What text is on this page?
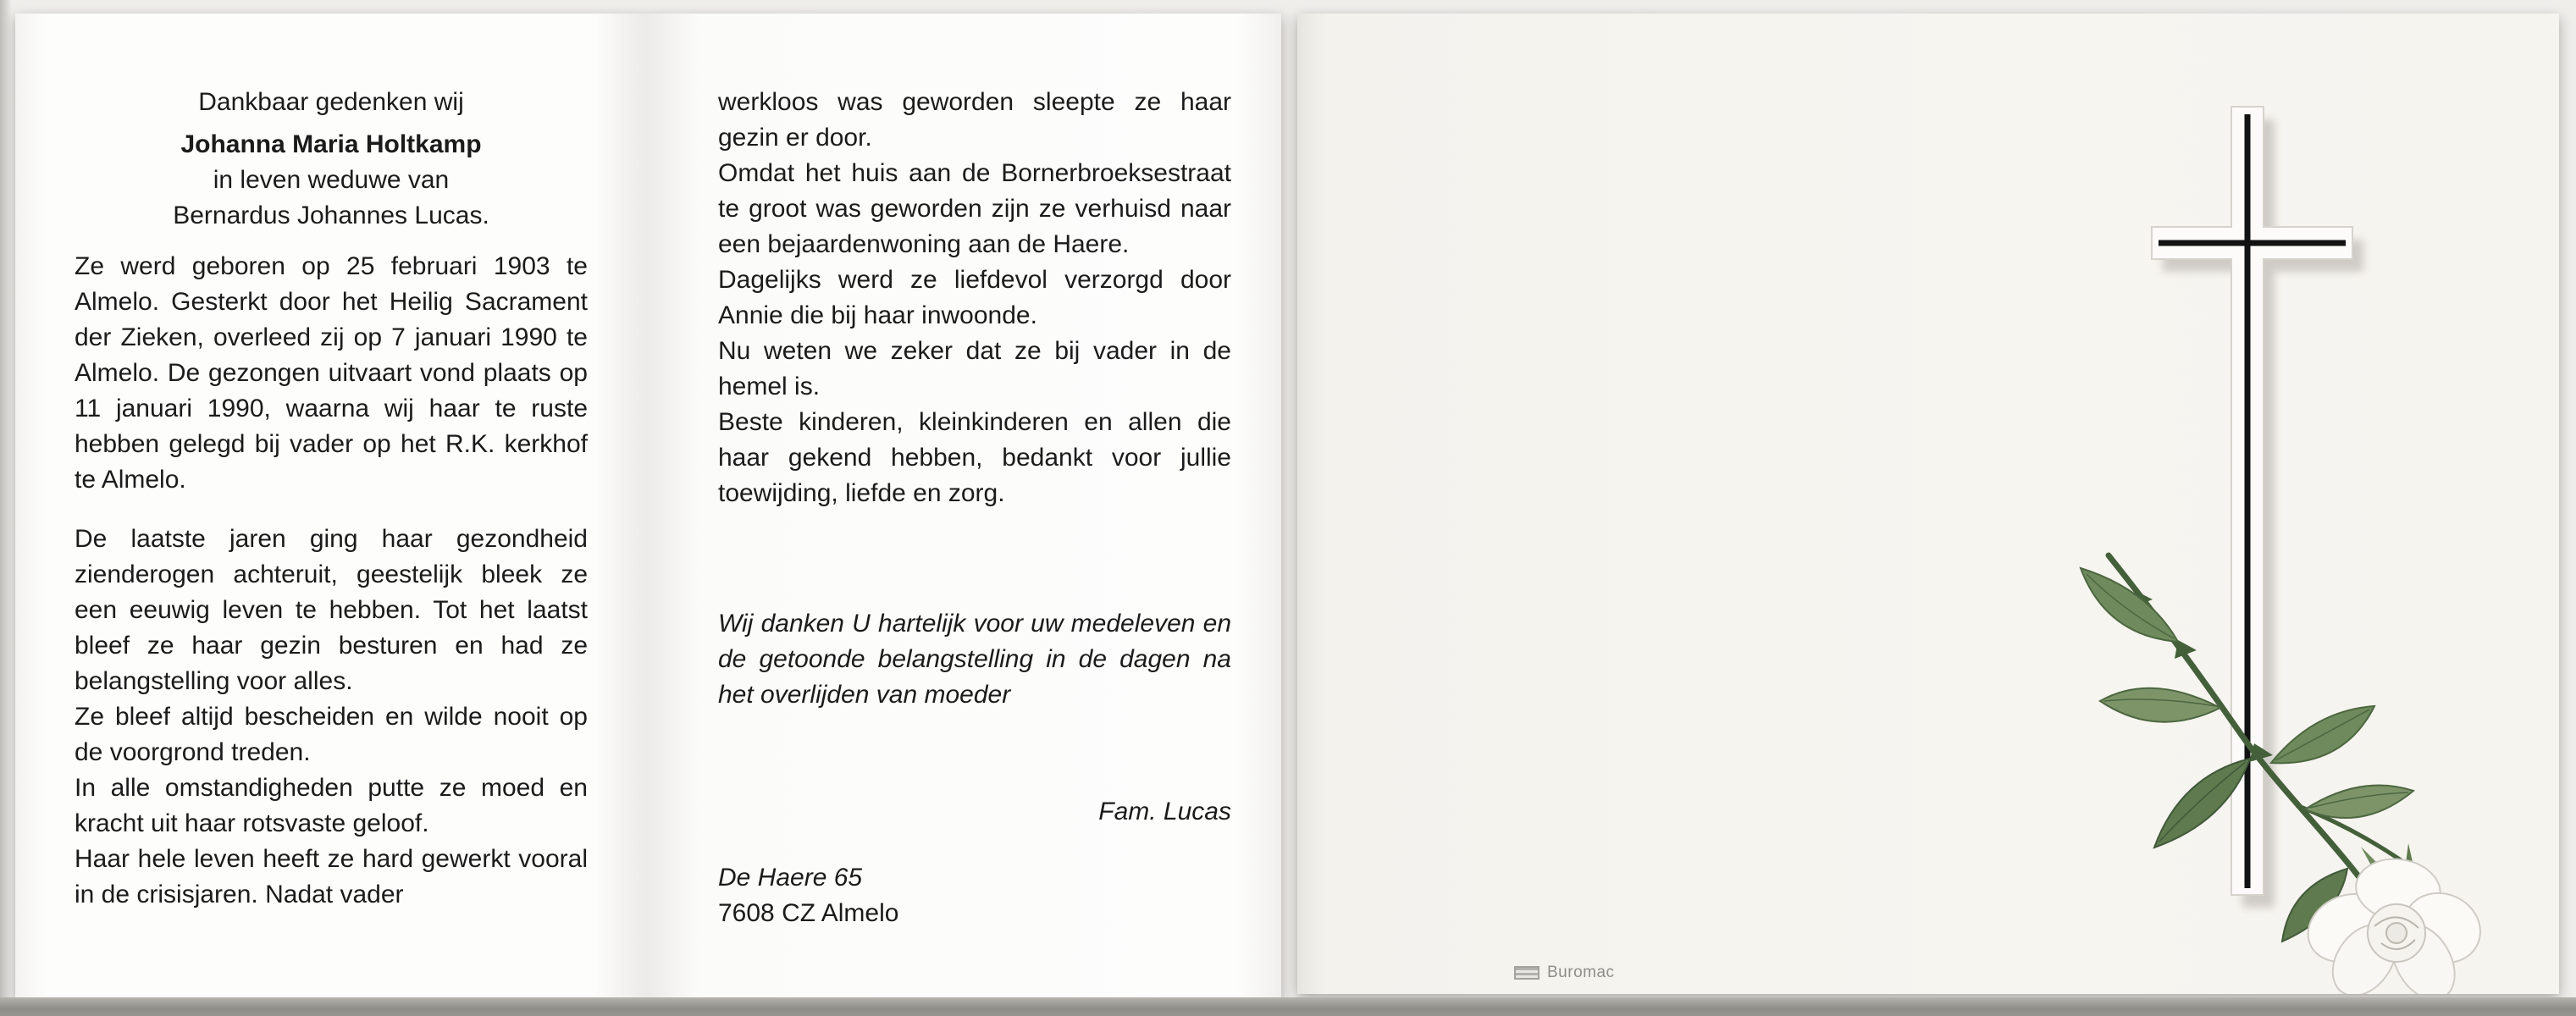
Dankbaar gedenken wij
Johanna Maria Holtkamp
in leven weduwe van
Bernardus Johannes Lucas.

Ze werd geboren op 25 februari 1903 te Almelo. Gesterkt door het Heilig Sacrament der Zieken, overleed zij op 7 januari 1990 te Almelo. De gezongen uitvaart vond plaats op 11 januari 1990, waarna wij haar te ruste hebben gelegd bij vader op het R.K. kerkhof te Almelo.

De laatste jaren ging haar gezondheid zienderogen achteruit, geestelijk bleek ze een eeuwig leven te hebben. Tot het laatst bleef ze haar gezin besturen en had ze belangstelling voor alles.

Ze bleef altijd bescheiden en wilde nooit op de voorgrond treden.

In alle omstandigheden putte ze moed en kracht uit haar rotsvaste geloof.

Haar hele leven heeft ze hard gewerkt vooral in de crisisjaren. Nadat vader

werkloos was geworden sleepte ze haar gezin er door.

Omdat het huis aan de Bornerbroeksestraat te groot was geworden zijn ze verhuisd naar een bejaardenwoning aan de Haere.

Dagelijks werd ze liefdevol verzorgd door Annie die bij haar inwoonde.

Nu weten we zeker dat ze bij vader in de hemel is.

Beste kinderen, kleinkinderen en allen die haar gekend hebben, bedankt voor jullie toewijding, liefde en zorg.

Wij danken U hartelijk voor uw medeleven en de getoonde belangstelling in de dagen na het overlijden van moeder

Fam. Lucas

De Haere 65

7608 CZ Almelo

Buromac
